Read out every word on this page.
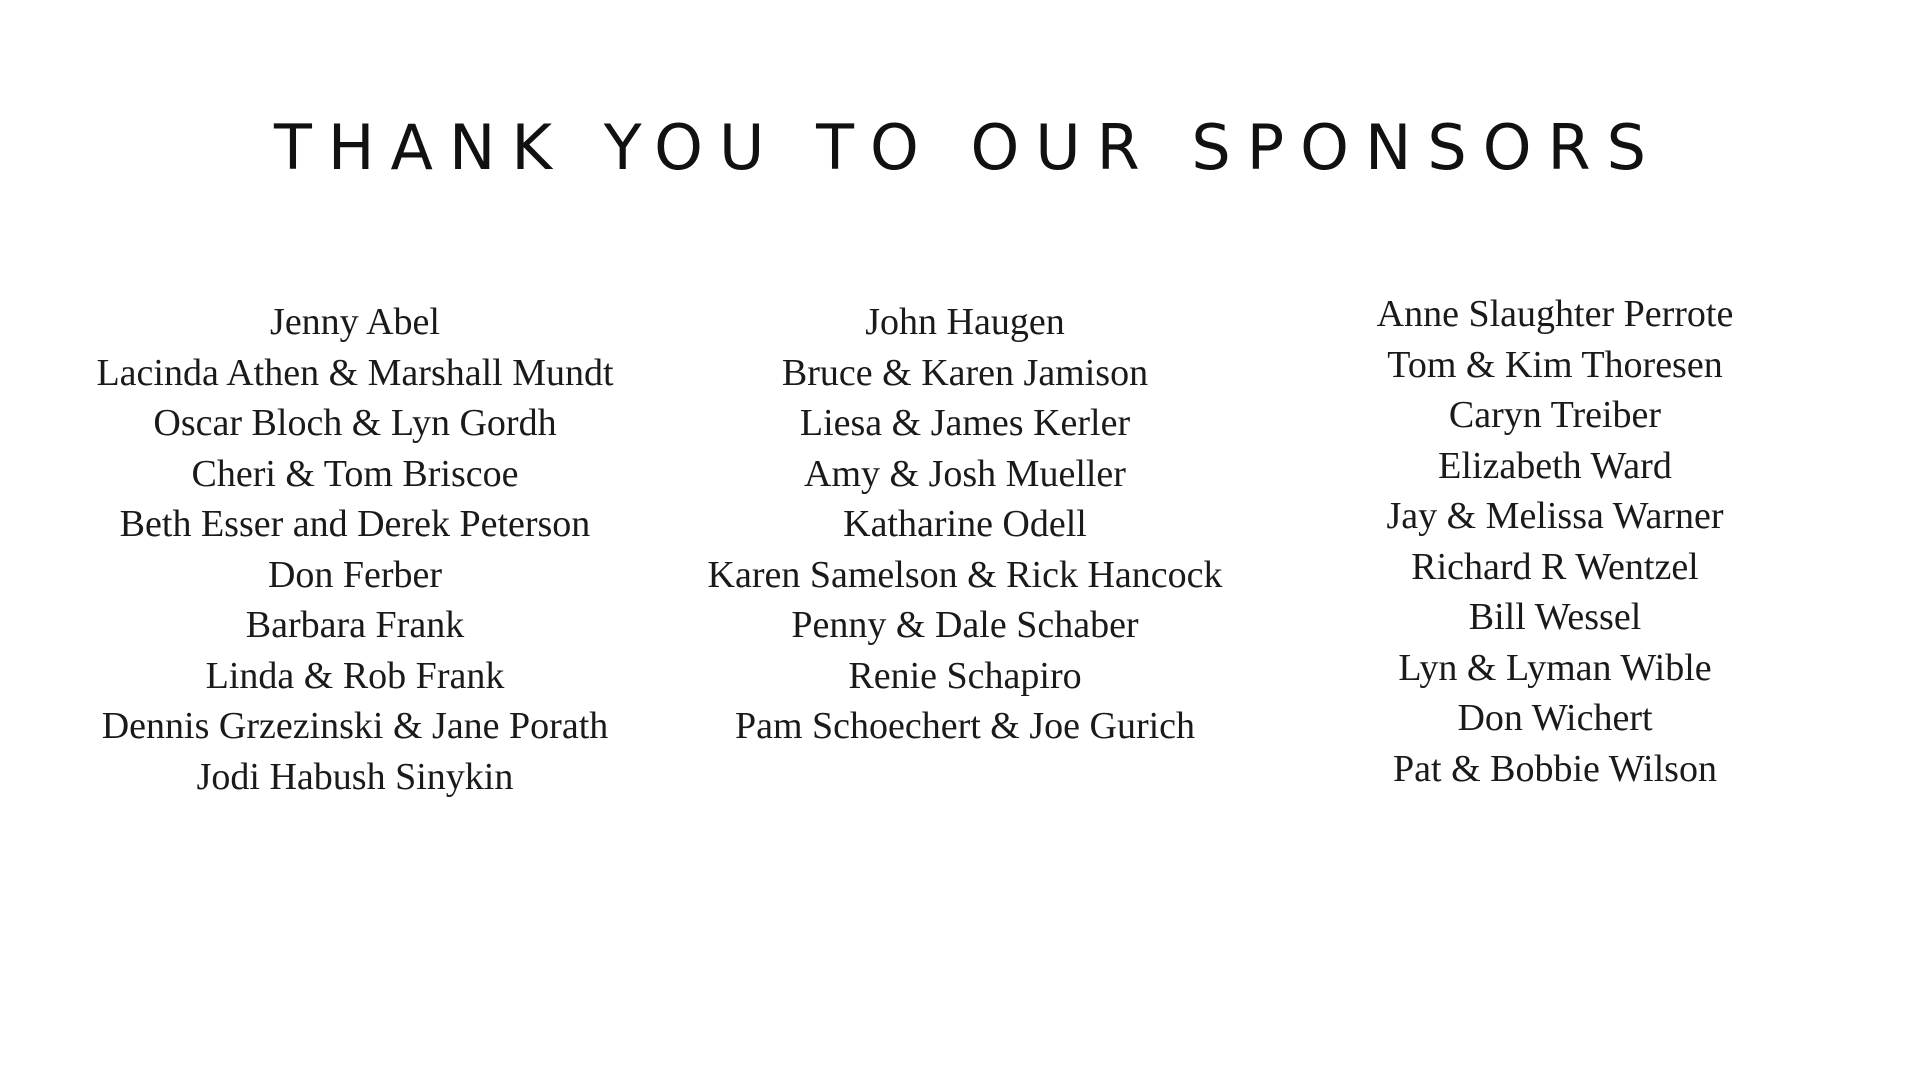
THANK YOU TO OUR SPONSORS
Jenny Abel
Lacinda Athen & Marshall Mundt
Oscar Bloch & Lyn Gordh
Cheri & Tom Briscoe
Beth Esser and Derek Peterson
Don Ferber
Barbara Frank
Linda & Rob Frank
Dennis Grzezinski & Jane Porath
Jodi Habush Sinykin
John Haugen
Bruce & Karen Jamison
Liesa & James Kerler
Amy & Josh Mueller
Katharine Odell
Karen Samelson & Rick Hancock
Penny & Dale Schaber
Renie Schapiro
Pam Schoechert & Joe Gurich
Anne Slaughter Perrote
Tom & Kim Thoresen
Caryn Treiber
Elizabeth Ward
Jay & Melissa Warner
Richard R Wentzel
Bill Wessel
Lyn & Lyman Wible
Don Wichert
Pat & Bobbie Wilson
